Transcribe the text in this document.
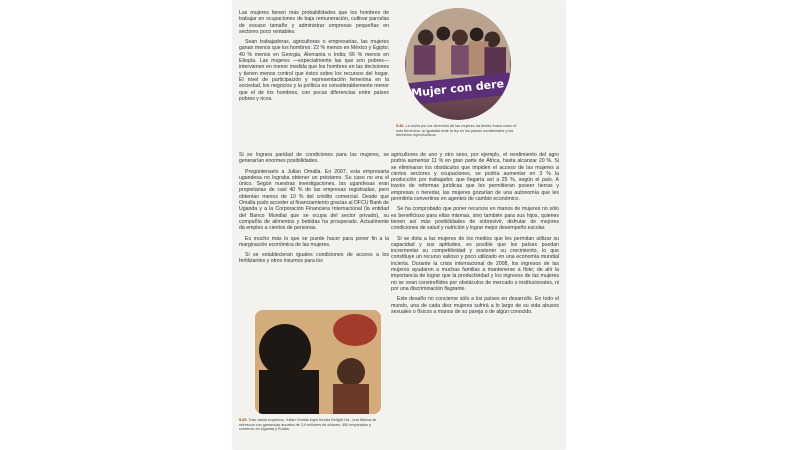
Las mujeres tienen más probabilidades que los hombres de trabajar en ocupaciones de baja remuneración, cultivar parcelas de escaso tamaño y administrar empresas pequeñas en sectores poco rentables.

Sean trabajadoras, agricultoras o empresarias, las mujeres ganan menos que los hombres: 22 % menos en México y Egipto; 40 % menos en Georgia, Alemania o India; 66 % menos en Etiopía. Las mujeres —especialmente las que son pobres— intervienen en menor medida que los hombres en las decisiones y tienen menos control que éstos sobre los recursos del hogar. El nivel de participación y representación femenina en la sociedad, los negocios y la política es considerablemente menor que el de los hombres, con pocas diferencias entre países pobres y ricos.	Mujer con dere
5.30. La lucha por los derechos de las mujeres ha tenido frutos como el voto femenino, la igualdad ante la ley en los países occidentales y los derechos reproductivos.

Si se lograra paridad de condiciones para las mujeres, se generarían enormes posibilidades.

Pregúntenselo a Julian Omalla. En 2007, esta empresaria ugandesa no lograba obtener un préstamo. Su caso no era el único. Según nuestras investigaciones, las ugandesas eran propietarias de casi 40 % de las empresas registradas, pero obtenían menos de 10 % del crédito comercial. Desde que Omalla pudo acceder al financiamiento gracias al DFCU Bank de Uganda y a la Corporación Financiera Internacional (la entidad del Banco Mundial que se ocupa del sector privado), su compañía de alimentos y bebidas ha prosperado. Actualmente da empleo a cientos de personas.

Es mucho más lo que se puede hacer para poner fin a la marginación económica de las mujeres.

Si se establecieran iguales condiciones de acceso a los fertilizantes y otros insumos para los

agricultores de uno y otro sexo, por ejemplo, el rendimiento del agro podría aumentar 11 % en gran parte de África, hasta alcanzar 20 %. Si se eliminaran los obstáculos que impiden el acceso de las mujeres a ciertos sectores y ocupaciones, se podría aumentar en 3 % la producción por trabajador, que llegaría así a 25 %, según el país. A través de reformas jurídicas que les permitieran poseer tierras y empresas o heredar, las mujeres gozarían de una autonomía que les permitiría convertirse en agentes de cambio económico.

Se ha comprobado que poner recursos en manos de mujeres no sólo es beneficioso para ellas mismas, sino también para sus hijos, quienes tienen así más posibilidades de sobrevivir, disfrutar de mejores condiciones de salud y nutrición y lograr mejor desempeño escolar.

Si se dota a las mujeres de los medios que les permitan utilizar su capacidad y sus aptitudes, es posible que los países puedan incrementar su competitividad y sostener su crecimiento, lo que constituye un recurso valioso y poco utilizado en una economía mundial incierta. Durante la crisis internacional de 2008, los ingresos de las mujeres ayudaron a muchas familias a mantenerse a flote; de ahí la importancia de lograr que la productividad y los ingresos de las mujeres no se vean constreñidos por obstáculos de mercado o institucionales, ni por una discriminación flagrante.

Este desafío no concierne sólo a los países en desarrollo. En todo el mundo, una de cada diez mujeres sufrirá a lo largo de su vida abusos sexuales o físicos a manos de su pareja o de algún conocido.

5.29. Tras varios tropiezos, Julian Omalla logró fundar Delight Ltd., una fábrica de refrescos con ganancias anuales de 3,9 millones de dólares, 450 empleados y comercio en Uganda y Sudán.
